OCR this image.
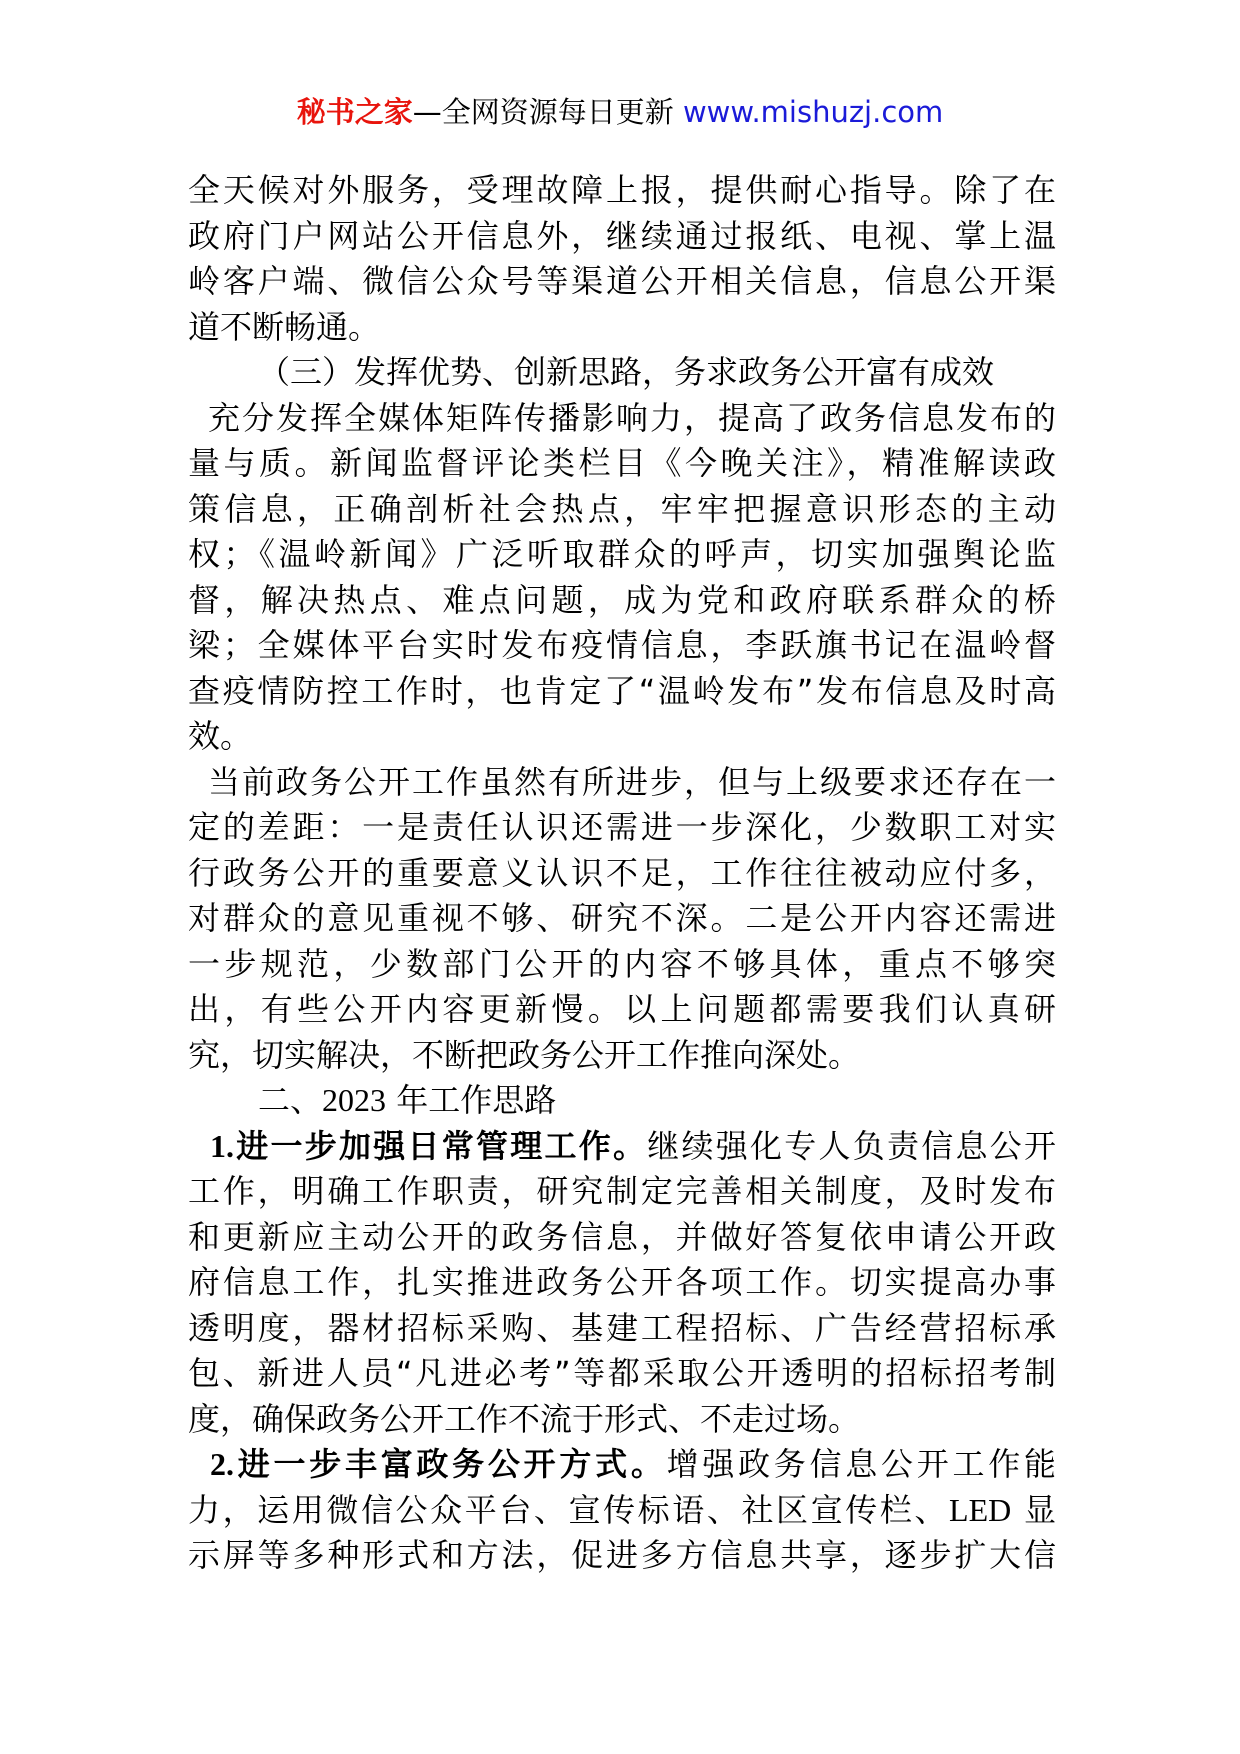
秘书之家—全网资源每日更新 www.mishuzj.com
全天候对外服务，受理故障上报，提供耐心指导。除了在
政府门户网站公开信息外，继续通过报纸、电视、掌上温
岭客户端、微信公众号等渠道公开相关信息，信息公开渠
道不断畅通。
（三）发挥优势、创新思路，务求政务公开富有成效
充分发挥全媒体矩阵传播影响力，提高了政务信息发布的
量与质。新闻监督评论类栏目《今晚关注》，精准解读政
策信息，正确剖析社会热点，牢牢把握意识形态的主动
权；《温岭新闻》广泛听取群众的呼声，切实加强舆论监
督，解决热点、难点问题，成为党和政府联系群众的桥
梁；全媒体平台实时发布疫情信息，李跃旗书记在温岭督
查疫情防控工作时，也肯定了“温岭发布”发布信息及时高
效。
当前政务公开工作虽然有所进步，但与上级要求还存在一
定的差距：一是责任认识还需进一步深化，少数职工对实
行政务公开的重要意义认识不足，工作往往被动应付多，
对群众的意见重视不够、研究不深。二是公开内容还需进
一步规范，少数部门公开的内容不够具体，重点不够突
出，有些公开内容更新慢。以上问题都需要我们认真研
究，切实解决，不断把政务公开工作推向深处。
二、2023 年工作思路
1.进一步加强日常管理工作。继续强化专人负责信息公开
工作，明确工作职责，研究制定完善相关制度，及时发布
和更新应主动公开的政务信息，并做好答复依申请公开政
府信息工作，扎实推进政务公开各项工作。切实提高办事
透明度，器材招标采购、基建工程招标、广告经营招标承
包、新进人员“凡进必考”等都采取公开透明的招标招考制
度，确保政务公开工作不流于形式、不走过场。
2.进一步丰富政务公开方式。增强政务信息公开工作能
力，运用微信公众平台、宣传标语、社区宣传栏、LED 显
示屏等多种形式和方法，促进多方信息共享，逐步扩大信
